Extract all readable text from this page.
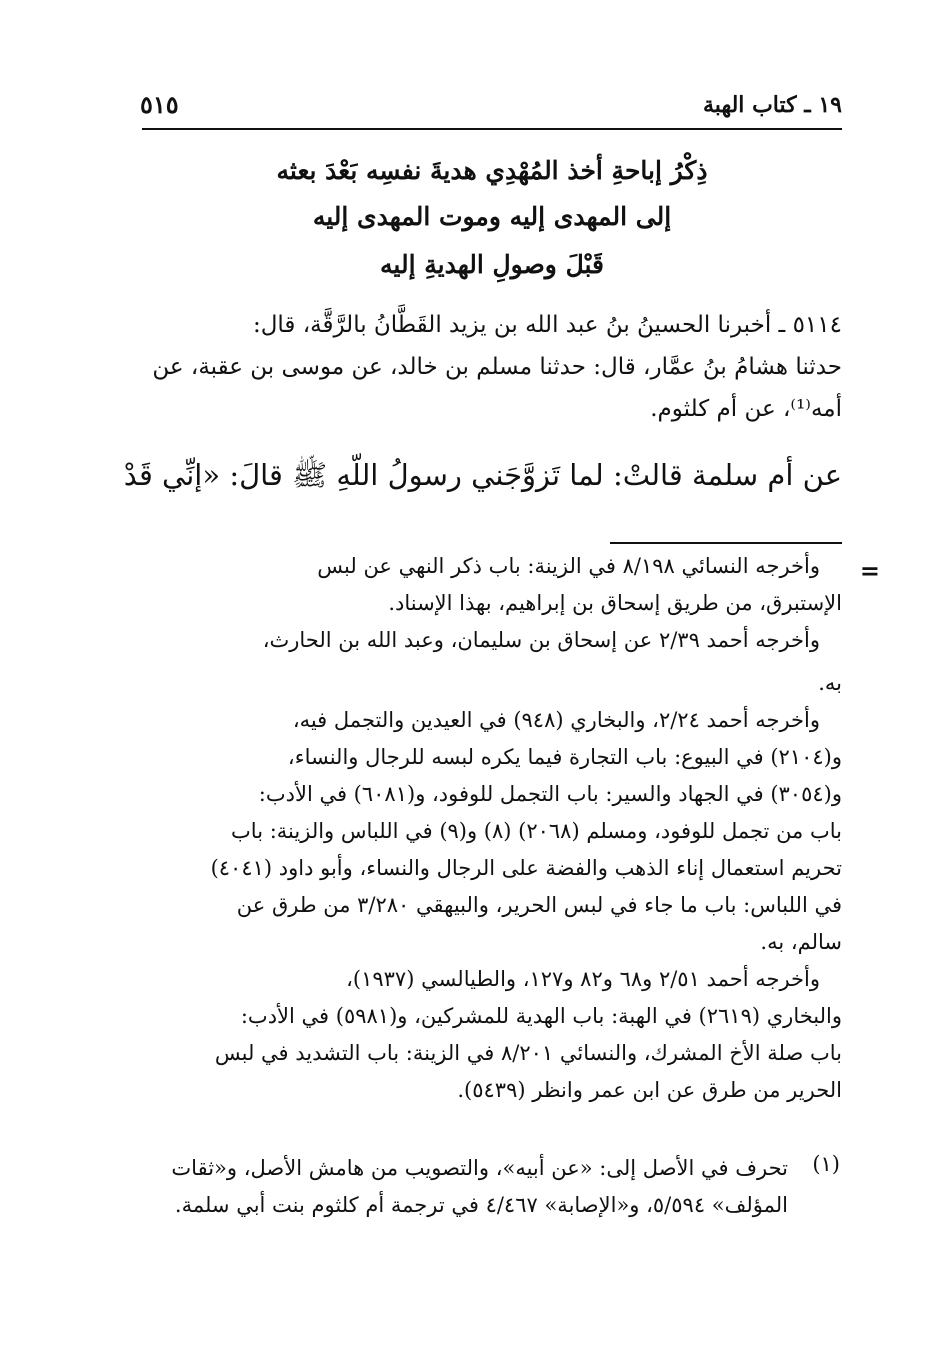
١٩ ـ كتاب الهبة
٥١٥
ذِكْرُ إباحةِ أخذ المُهْدِي هديةَ نفسِه بَعْدَ بعثه
إلى المهدى إليه وموت المهدى إليه
قَبْلَ وصولِ الهديةِ إليه
٥١١٤ ـ أخبرنا الحسينُ بنُ عبد الله بن يزيد القَطَّانُ بالرَّقَّة، قال:
حدثنا هشامُ بنُ عمَّار، قال: حدثنا مسلم بن خالد، عن موسى بن عقبة، عن
أمه⁽¹⁾، عن أم كلثوم.
عن أم سلمة قالتْ: لما تَزوَّجَني رسولُ اللّهِ ﷺ قالَ: «إنِّي قَدْ
=
وأخرجه النسائي ٨/١٩٨ في الزينة: باب ذكر النهي عن لبس
الإستبرق، من طريق إسحاق بن إبراهيم، بهذا الإسناد.
وأخرجه أحمد ٢/٣٩ عن إسحاق بن سليمان، وعبد الله بن الحارث،
به.
وأخرجه أحمد ٢/٢٤، والبخاري (٩٤٨) في العيدين والتجمل فيه،
و(٢١٠٤) في البيوع: باب التجارة فيما يكره لبسه للرجال والنساء،
و(٣٠٥٤) في الجهاد والسير: باب التجمل للوفود، و(٦٠٨١) في الأدب:
باب من تجمل للوفود، ومسلم (٢٠٦٨) (٨) و(٩) في اللباس والزينة: باب
تحريم استعمال إناء الذهب والفضة على الرجال والنساء، وأبو داود (٤٠٤١)
في اللباس: باب ما جاء في لبس الحرير، والبيهقي ٣/٢٨٠ من طرق عن
سالم، به.
وأخرجه أحمد ٢/٥١ و٦٨ و٨٢ و١٢٧، والطيالسي (١٩٣٧)،
والبخاري (٢٦١٩) في الهبة: باب الهدية للمشركين، و(٥٩٨١) في الأدب:
باب صلة الأخ المشرك، والنسائي ٨/٢٠١ في الزينة: باب التشديد في لبس
الحرير من طرق عن ابن عمر وانظر (٥٤٣٩).
(١)
تحرف في الأصل إلى: «عن أبيه»، والتصويب من هامش الأصل، و«ثقات
المؤلف» ٥/٥٩٤، و«الإصابة» ٤/٤٦٧ في ترجمة أم كلثوم بنت أبي سلمة.
